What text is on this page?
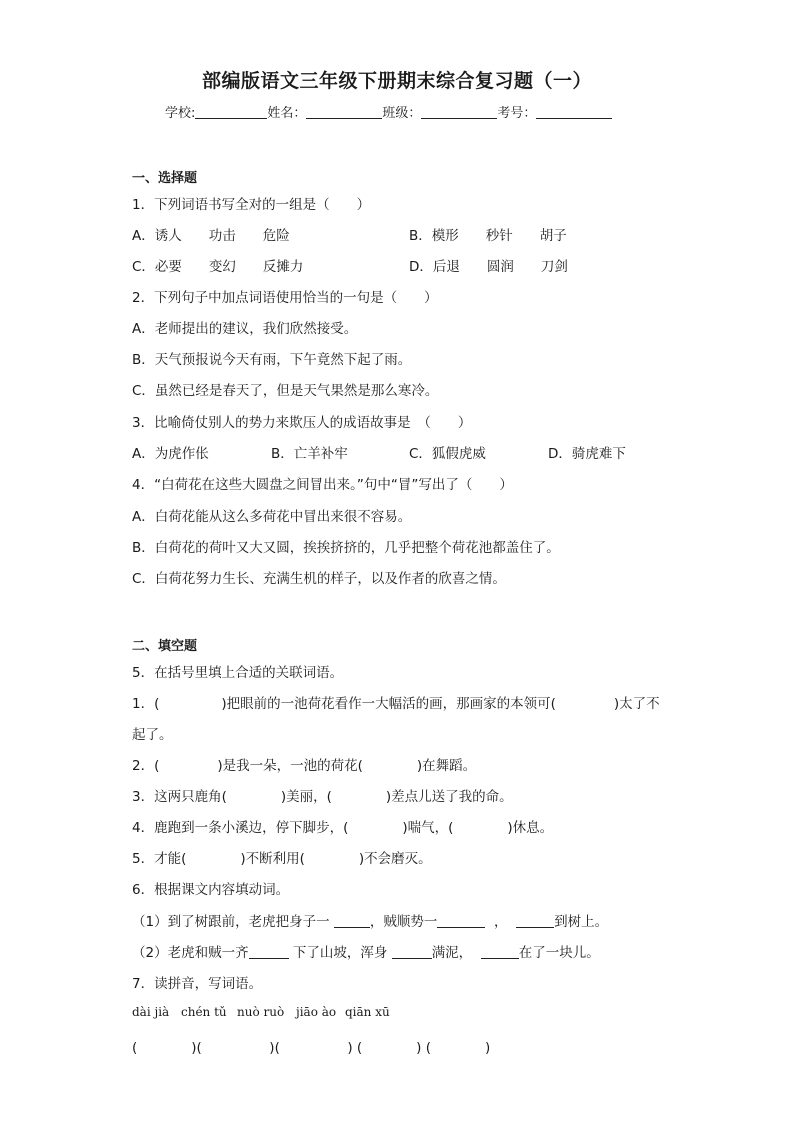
部编版语文三年级下册期末综合复习题（一）
学校:	姓名：	班级：	考号：
一、选择题
1．下列词语书写全对的一组是（　　）
A．诱人　　功击　　危险	B．模形　　秒针　　胡子
C．必要　　变幻　　反摊力	D．后退　　圆润　　刀剑
2．下列句子中加点词语使用恰当的一句是（　　）
A．老师提出的建议，我们欣然接受。
B．天气预报说今天有雨，下午竟然下起了雨。
C．虽然已经是春天了，但是天气果然是那么寒冷。
3．比喻倚仗别人的势力来欺压人的成语故事是　（　　）
A．为虎作伥	B．亡羊补牢	C．狐假虎威	D．骑虎难下
4．“白荷花在这些大圆盘之间冒出来。”句中“冒”写出了（　　）
A．白荷花能从这么多荷花中冒出来很不容易。
B．白荷花的荷叶又大又圆，挨挨挤挤的，几乎把整个荷花池都盖住了。
C．白荷花努力生长、充满生机的样子，以及作者的欣喜之情。
二、填空题
5．在括号里填上合适的关联词语。
1．(	)把眼前的一池荷花看作一大幅活的画，那画家的本领可(	)太了不
起了。
2．(	)是我一朵，一池的荷花(	)在舞蹈。
3．这两只鹿角(	)美丽，(	)差点儿送了我的命。
4．鹿跑到一条小溪边，停下脚步，(	)喘气，(	)休息。
5．才能(	)不断利用(	)不会磨灭。
6．根据课文内容填动词。
（1）到了树跟前，老虎把身子一	，贼顺势一	，	到树上。
（2）老虎和贼一齐	下了山坡，浑身	满泥，	在了一块儿。
7．读拼音，写词语。
dài jià chén tǔ nuò ruò jiāo ào qiān xū
(　　　　)(　　　　　)(　　　　　) (　　　　) (　　　　)
